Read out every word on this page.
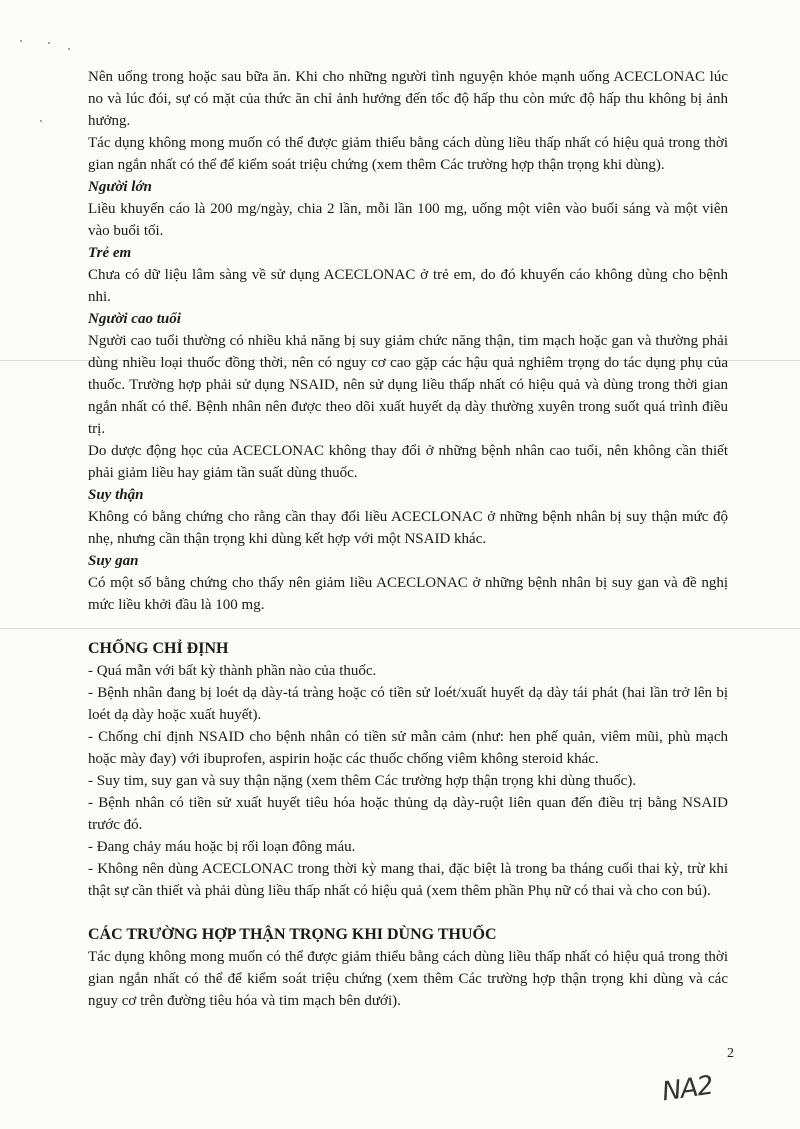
Nên uống trong hoặc sau bữa ăn. Khi cho những người tình nguyện khỏe mạnh uống ACECLONAC lúc no và lúc đói, sự có mặt của thức ăn chỉ ảnh hưởng đến tốc độ hấp thu còn mức độ hấp thu không bị ảnh hưởng.

Tác dụng không mong muốn có thể được giảm thiểu bằng cách dùng liều thấp nhất có hiệu quả trong thời gian ngắn nhất có thể để kiểm soát triệu chứng (xem thêm Các trường hợp thận trọng khi dùng).

Người lớn

Liều khuyến cáo là 200 mg/ngày, chia 2 lần, mỗi lần 100 mg, uống một viên vào buổi sáng và một viên vào buổi tối.

Trẻ em

Chưa có dữ liệu lâm sàng về sử dụng ACECLONAC ở trẻ em, do đó khuyến cáo không dùng cho bệnh nhi.

Người cao tuổi

Người cao tuổi thường có nhiều khả năng bị suy giảm chức năng thận, tim mạch hoặc gan và thường phải dùng nhiều loại thuốc đồng thời, nên có nguy cơ cao gặp các hậu quả nghiêm trọng do tác dụng phụ của thuốc. Trường hợp phải sử dụng NSAID, nên sử dụng liều thấp nhất có hiệu quả và dùng trong thời gian ngắn nhất có thể. Bệnh nhân nên được theo dõi xuất huyết dạ dày thường xuyên trong suốt quá trình điều trị.

Do dược động học của ACECLONAC không thay đổi ở những bệnh nhân cao tuổi, nên không cần thiết phải giảm liều hay giảm tần suất dùng thuốc.

Suy thận

Không có bằng chứng cho rằng cần thay đổi liều ACECLONAC ở những bệnh nhân bị suy thận mức độ nhẹ, nhưng cần thận trọng khi dùng kết hợp với một NSAID khác.

Suy gan

Có một số bằng chứng cho thấy nên giảm liều ACECLONAC ở những bệnh nhân bị suy gan và đề nghị mức liều khởi đầu là 100 mg.

CHỐNG CHỈ ĐỊNH

- Quá mẫn với bất kỳ thành phần nào của thuốc.

- Bệnh nhân đang bị loét dạ dày-tá tràng hoặc có tiền sử loét/xuất huyết dạ dày tái phát (hai lần trở lên bị loét dạ dày hoặc xuất huyết).

- Chống chỉ định NSAID cho bệnh nhân có tiền sử mẫn cảm (như: hen phế quản, viêm mũi, phù mạch hoặc mày đay) với ibuprofen, aspirin hoặc các thuốc chống viêm không steroid khác.

- Suy tim, suy gan và suy thận nặng (xem thêm Các trường hợp thận trọng khi dùng thuốc).

- Bệnh nhân có tiền sử xuất huyết tiêu hóa hoặc thủng dạ dày-ruột liên quan đến điều trị bằng NSAID trước đó.

- Đang chảy máu hoặc bị rối loạn đông máu.

- Không nên dùng ACECLONAC trong thời kỳ mang thai, đặc biệt là trong ba tháng cuối thai kỳ, trừ khi thật sự cần thiết và phải dùng liều thấp nhất có hiệu quả (xem thêm phần Phụ nữ có thai và cho con bú).

CÁC TRƯỜNG HỢP THẬN TRỌNG KHI DÙNG THUỐC

Tác dụng không mong muốn có thể được giảm thiểu bằng cách dùng liều thấp nhất có hiệu quả trong thời gian ngắn nhất có thể để kiểm soát triệu chứng (xem thêm Các trường hợp thận trọng khi dùng và các nguy cơ trên đường tiêu hóa và tim mạch bên dưới).

2
NA2
